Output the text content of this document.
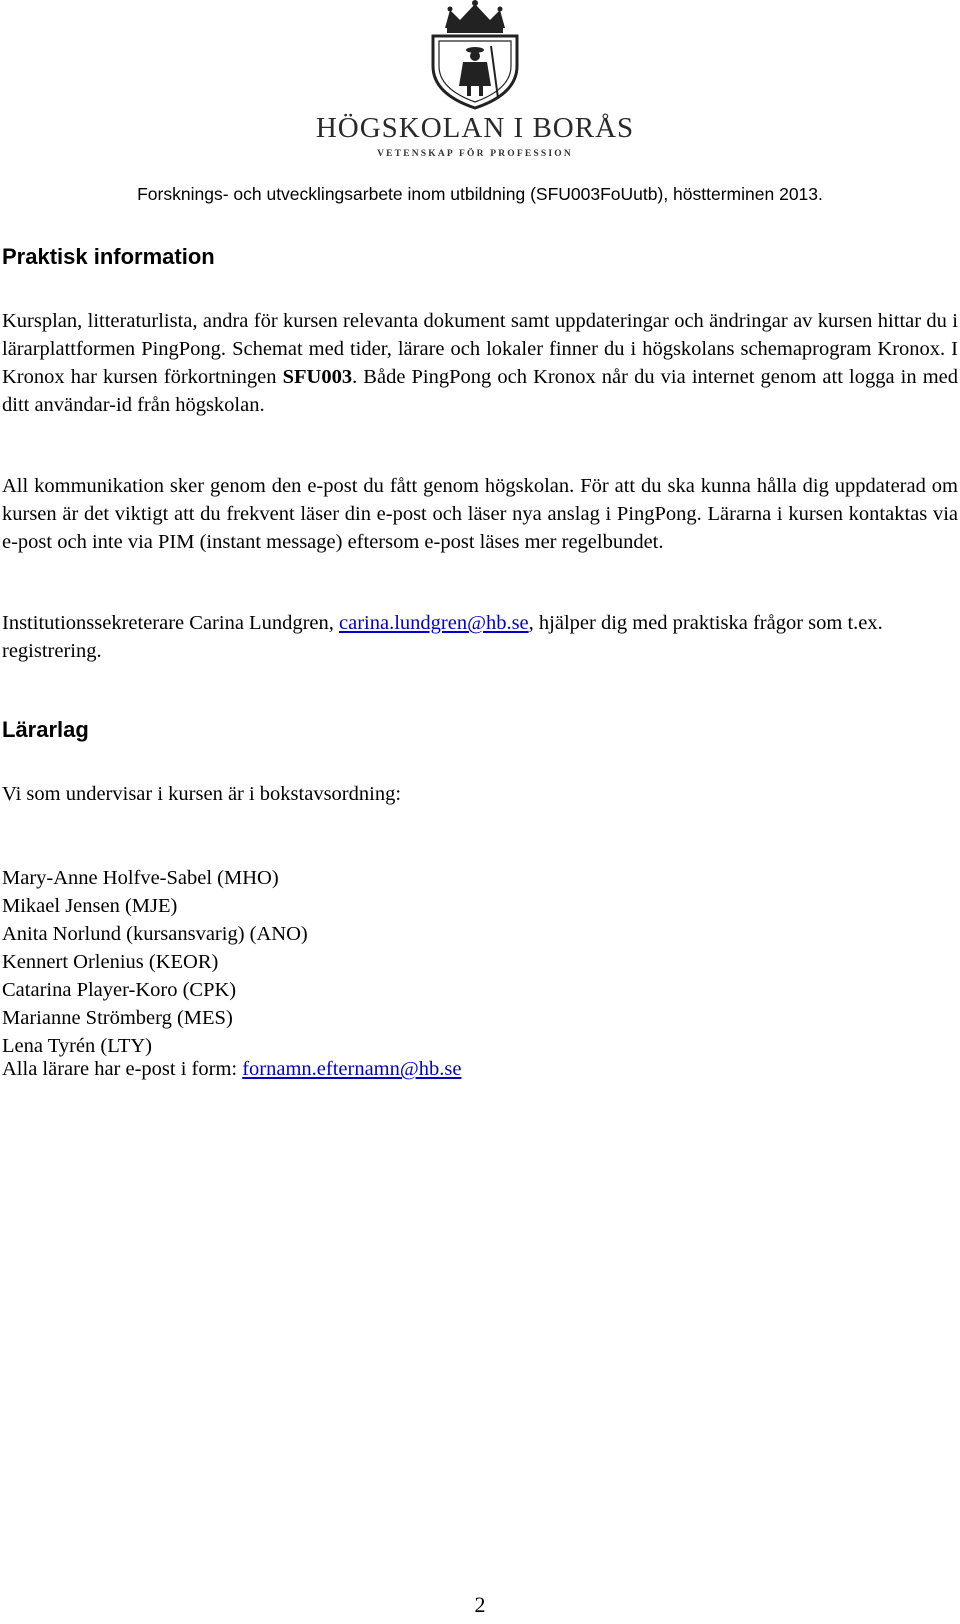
HÖGSKOLAN I BORÅS
VETENSKAP FÖR PROFESSION
Forsknings- och utvecklingsarbete inom utbildning (SFU003FoUutb), höstterminen 2013.
Praktisk information
Kursplan, litteraturlista, andra för kursen relevanta dokument samt uppdateringar och ändringar av kursen hittar du i lärarplattformen PingPong. Schemat med tider, lärare och lokaler finner du i högskolans schemaprogram Kronox. I Kronox har kursen förkortningen SFU003. Både PingPong och Kronox når du via internet genom att logga in med ditt användar-id från högskolan.
All kommunikation sker genom den e-post du fått genom högskolan. För att du ska kunna hålla dig uppdaterad om kursen är det viktigt att du frekvent läser din e-post och läser nya anslag i PingPong. Lärarna i kursen kontaktas via e-post och inte via PIM (instant message) eftersom e-post läses mer regelbundet.
Institutionssekreterare Carina Lundgren, carina.lundgren@hb.se, hjälper dig med praktiska frågor som t.ex. registrering.
Lärarlag
Vi som undervisar i kursen är i bokstavsordning:
Mary-Anne Holfve-Sabel (MHO)
Mikael Jensen (MJE)
Anita Norlund (kursansvarig) (ANO)
Kennert Orlenius (KEOR)
Catarina Player-Koro (CPK)
Marianne Strömberg (MES)
Lena Tyrén (LTY)
Alla lärare har e-post i form: fornamn.efternamn@hb.se
2
